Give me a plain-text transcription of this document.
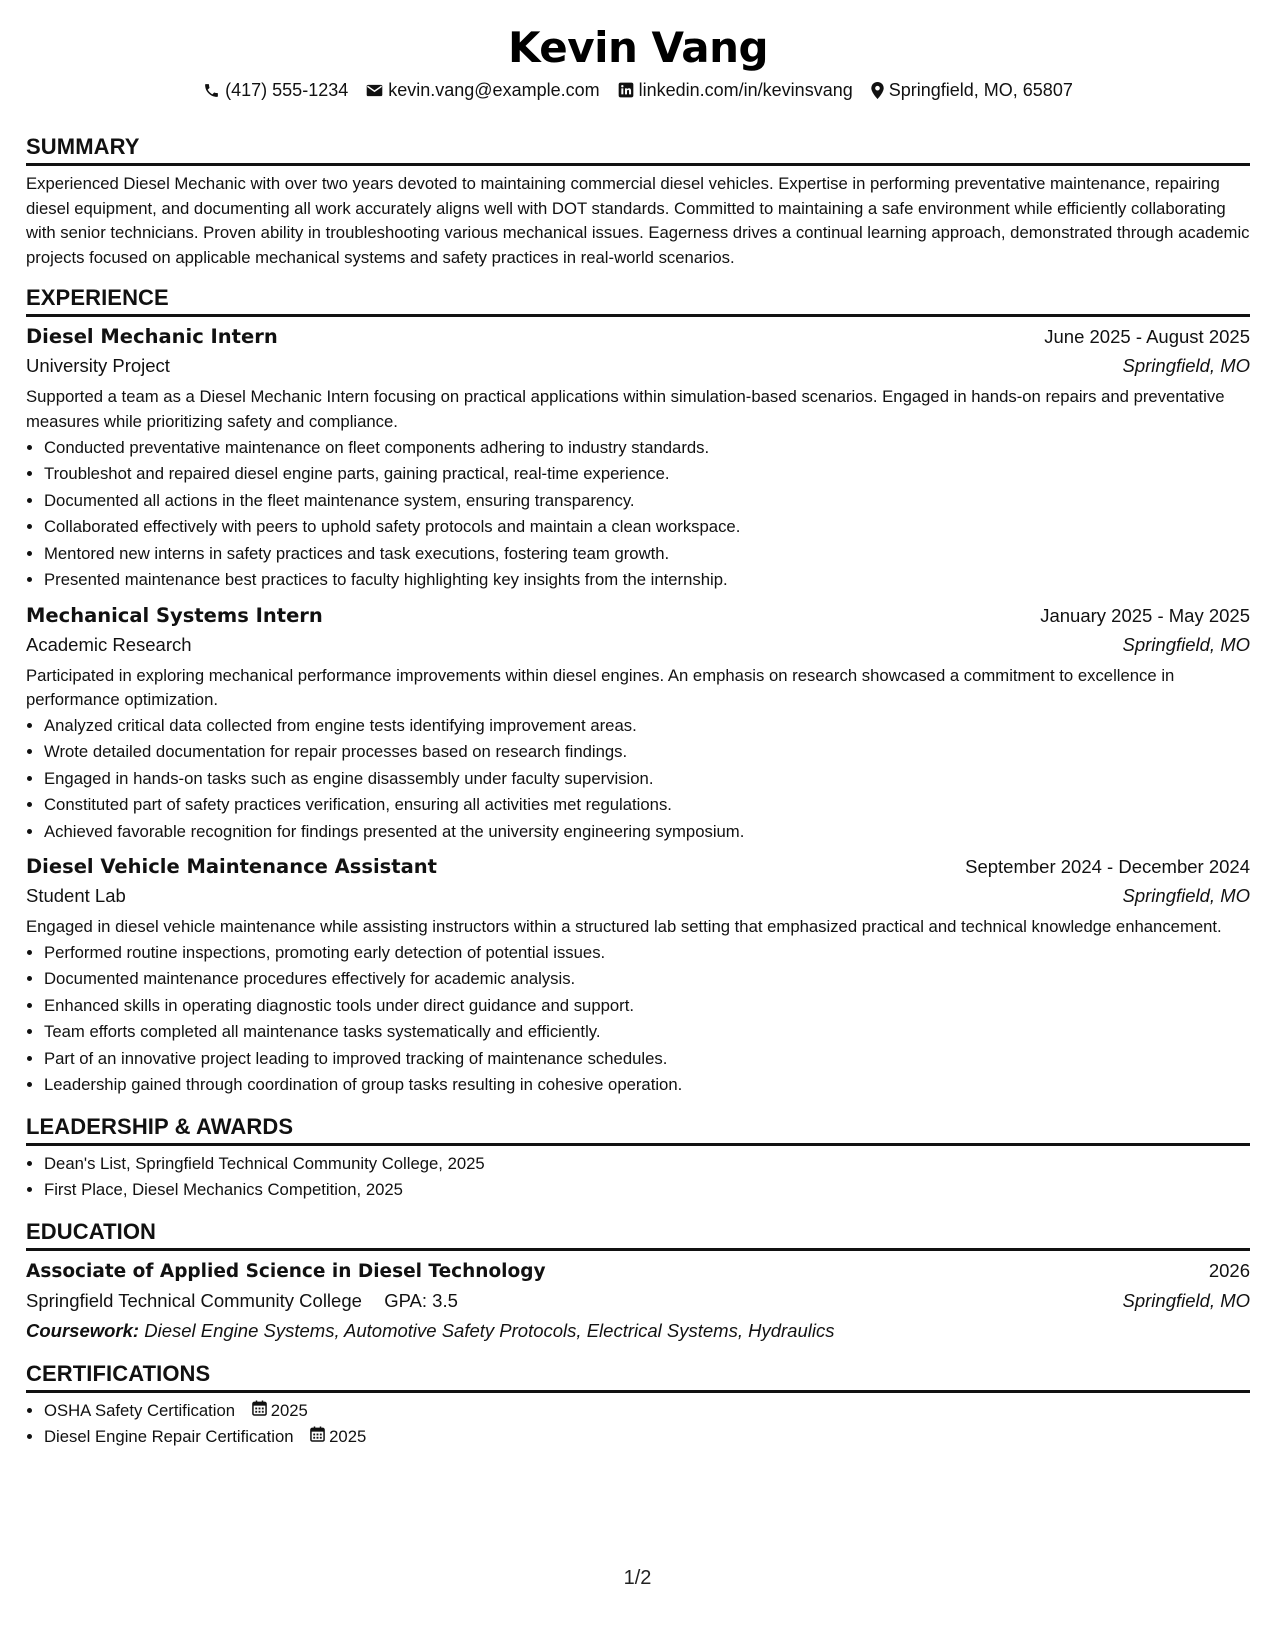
Kevin Vang
(417) 555-1234 kevin.vang@example.com linkedin.com/in/kevinsvang Springfield, MO, 65807
SUMMARY

Experienced Diesel Mechanic with over two years devoted to maintaining commercial diesel vehicles. Expertise in performing preventative maintenance, repairing diesel equipment, and documenting all work accurately aligns well with DOT standards. Committed to maintaining a safe environment while efficiently collaborating with senior technicians. Proven ability in troubleshooting various mechanical issues. Eagerness drives a continual learning approach, demonstrated through academic projects focused on applicable mechanical systems and safety practices in real-world scenarios.

EXPERIENCE
Diesel Mechanic Intern	June 2025 - August 2025
University Project	Springfield, MO

Supported a team as a Diesel Mechanic Intern focusing on practical applications within simulation-based scenarios. Engaged in hands-on repairs and preventative measures while prioritizing safety and compliance.

• Conducted preventative maintenance on fleet components adhering to industry standards.
• Troubleshot and repaired diesel engine parts, gaining practical, real-time experience.
• Documented all actions in the fleet maintenance system, ensuring transparency.
• Collaborated effectively with peers to uphold safety protocols and maintain a clean workspace.
• Mentored new interns in safety practices and task executions, fostering team growth.
• Presented maintenance best practices to faculty highlighting key insights from the internship.
Mechanical Systems Intern	January 2025 - May 2025
Academic Research	Springfield, MO

Participated in exploring mechanical performance improvements within diesel engines. An emphasis on research showcased a commitment to excellence in performance optimization.

• Analyzed critical data collected from engine tests identifying improvement areas.
• Wrote detailed documentation for repair processes based on research findings.
• Engaged in hands-on tasks such as engine disassembly under faculty supervision.
• Constituted part of safety practices verification, ensuring all activities met regulations.
• Achieved favorable recognition for findings presented at the university engineering symposium.
Diesel Vehicle Maintenance Assistant	September 2024 - December 2024
Student Lab	Springfield, MO

Engaged in diesel vehicle maintenance while assisting instructors within a structured lab setting that emphasized practical and technical knowledge enhancement.

• Performed routine inspections, promoting early detection of potential issues.
• Documented maintenance procedures effectively for academic analysis.
• Enhanced skills in operating diagnostic tools under direct guidance and support.
• Team efforts completed all maintenance tasks systematically and efficiently.
• Part of an innovative project leading to improved tracking of maintenance schedules.
• Leadership gained through coordination of group tasks resulting in cohesive operation.
LEADERSHIP & AWARDS
• Dean's List, Springfield Technical Community College, 2025
• First Place, Diesel Mechanics Competition, 2025
EDUCATION
Associate of Applied Science in Diesel Technology	2026
Springfield Technical Community College GPA: 3.5	Springfield, MO
Coursework: Diesel Engine Systems, Automotive Safety Protocols, Electrical Systems, Hydraulics
CERTIFICATIONS
• OSHA Safety Certification 2025
• Diesel Engine Repair Certification 2025
1/2
